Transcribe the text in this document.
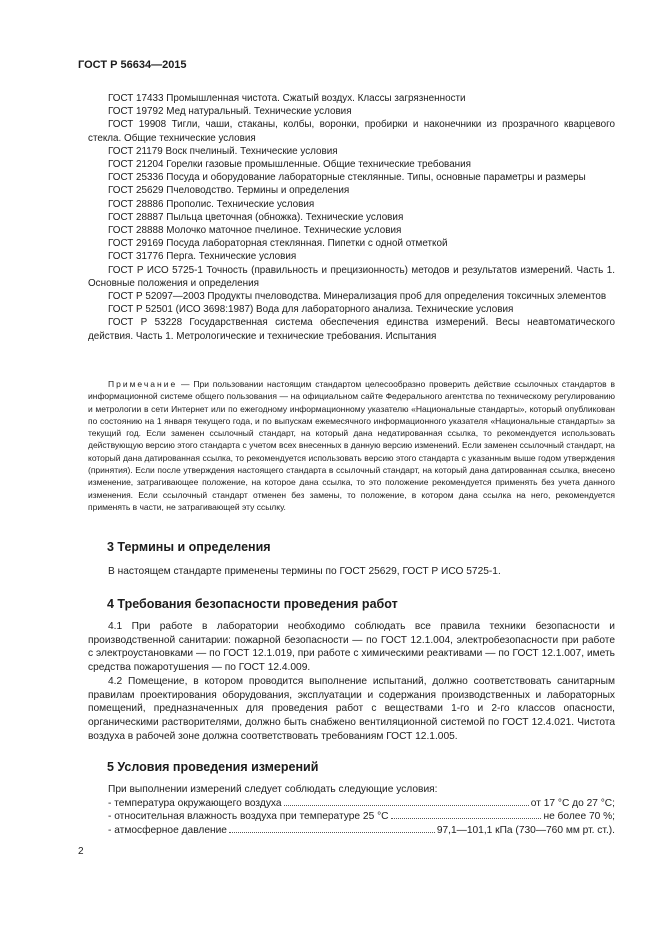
ГОСТ Р 56634—2015

ГОСТ 17433 Промышленная чистота. Сжатый воздух. Классы загрязненности

ГОСТ 19792 Мед натуральный. Технические условия

ГОСТ 19908 Тигли, чаши, стаканы, колбы, воронки, пробирки и наконечники из прозрачного кварцевого стекла. Общие технические условия

ГОСТ 21179 Воск пчелиный. Технические условия

ГОСТ 21204 Горелки газовые промышленные. Общие технические требования

ГОСТ 25336 Посуда и оборудование лабораторные стеклянные. Типы, основные параметры и размеры

ГОСТ 25629 Пчеловодство. Термины и определения

ГОСТ 28886 Прополис. Технические условия

ГОСТ 28887 Пыльца цветочная (обножка). Технические условия

ГОСТ 28888 Молочко маточное пчелиное. Технические условия

ГОСТ 29169 Посуда лабораторная стеклянная. Пипетки с одной отметкой

ГОСТ 31776 Перга. Технические условия

ГОСТ Р ИСО 5725-1 Точность (правильность и прецизионность) методов и результатов измерений. Часть 1. Основные положения и определения

ГОСТ Р 52097—2003 Продукты пчеловодства. Минерализация проб для определения токсичных элементов

ГОСТ Р 52501 (ИСО 3698:1987) Вода для лабораторного анализа. Технические условия

ГОСТ Р 53228 Государственная система обеспечения единства измерений. Весы неавтоматического действия. Часть 1. Метрологические и технические требования. Испытания

Примечание — При пользовании настоящим стандартом целесообразно проверить действие ссылочных стандартов в информационной системе общего пользования — на официальном сайте Федерального агентства по техническому регулированию и метрологии в сети Интернет или по ежегодному информационному указателю «Национальные стандарты», который опубликован по состоянию на 1 января текущего года, и по выпускам ежемесячного информационного указателя «Национальные стандарты» за текущий год. Если заменен ссылочный стандарт, на который дана недатированная ссылка, то рекомендуется использовать действующую версию этого стандарта с учетом всех внесенных в данную версию изменений. Если заменен ссылочный стандарт, на который дана датированная ссылка, то рекомендуется использовать версию этого стандарта с указанным выше годом утверждения (принятия). Если после утверждения настоящего стандарта в ссылочный стандарт, на который дана датированная ссылка, внесено изменение, затрагивающее положение, на которое дана ссылка, то это положение рекомендуется применять без учета данного изменения. Если ссылочный стандарт отменен без замены, то положение, в котором дана ссылка на него, рекомендуется применять в части, не затрагивающей эту ссылку.

3 Термины и определения

В настоящем стандарте применены термины по ГОСТ 25629, ГОСТ Р ИСО 5725-1.

4 Требования безопасности проведения работ

4.1 При работе в лаборатории необходимо соблюдать все правила техники безопасности и производственной санитарии: пожарной безопасности — по ГОСТ 12.1.004, электробезопасности при работе с электроустановками — по ГОСТ 12.1.019, при работе с химическими реактивами — по ГОСТ 12.1.007, иметь средства пожаротушения — по ГОСТ 12.4.009.

4.2 Помещение, в котором проводится выполнение испытаний, должно соответствовать санитарным правилам проектирования оборудования, эксплуатации и содержания производственных и лабораторных помещений, предназначенных для проведения работ с веществами 1-го и 2-го классов опасности, органическими растворителями, должно быть снабжено вентиляционной системой по ГОСТ 12.4.021. Чистота воздуха в рабочей зоне должна соответствовать требованиям ГОСТ 12.1.005.

5 Условия проведения измерений
При выполнении измерений следует соблюдать следующие условия:
- температура окружающего воздуха	от 17 °С до 27 °С;
- относительная влажность воздуха при температуре 25 °С	не более 70 %;
- атмосферное давление	97,1—101,1 кПа (730—760 мм рт. ст.).
2
